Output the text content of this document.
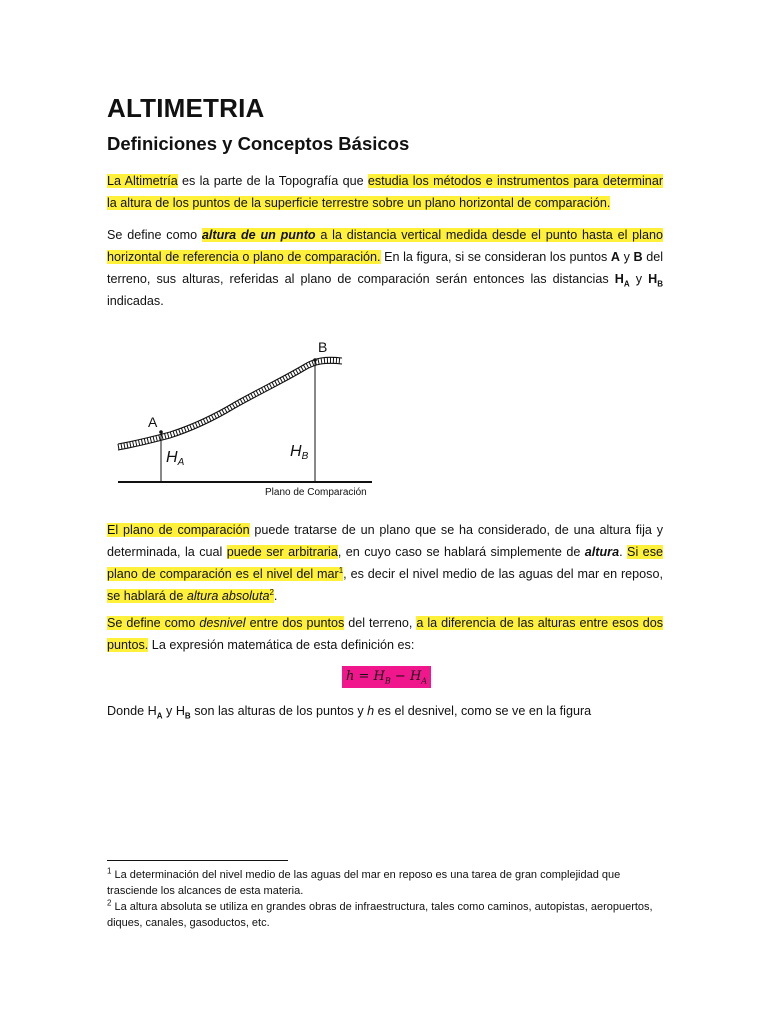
ALTIMETRIA
Definiciones y Conceptos Básicos

La Altimetría es la parte de la Topografía que estudia los métodos e instrumentos para determinar la altura de los puntos de la superficie terrestre sobre un plano horizontal de comparación.

Se define como altura de un punto a la distancia vertical medida desde el punto hasta el plano horizontal de referencia o plano de comparación. En la figura, si se consideran los puntos A y B del terreno, sus alturas, referidas al plano de comparación serán entonces las distancias $H_A$ y $H_B$ indicadas.

A
B
HA
HB
Plano de Comparación

El plano de comparación puede tratarse de un plano que se ha considerado, de una altura fija y determinada, la cual puede ser arbitraria, en cuyo caso se hablará simplemente de altura. Si ese plano de comparación es el nivel del mar$^1$, es decir el nivel medio de las aguas del mar en reposo, se hablará de altura absoluta$^2$.

Se define como desnivel entre dos puntos del terreno, a la diferencia de las alturas entre esos dos puntos. La expresión matemática de esta definición es:

$h = H_B - H_A$

Donde $H_A$ y $H_B$ son las alturas de los puntos y h es el desnivel, como se ve en la figura

$^1$ La determinación del nivel medio de las aguas del mar en reposo es una tarea de gran complejidad que trasciende los alcances de esta materia.
$^2$ La altura absoluta se utiliza en grandes obras de infraestructura, tales como caminos, autopistas, aeropuertos, diques, canales, gasoductos, etc.
